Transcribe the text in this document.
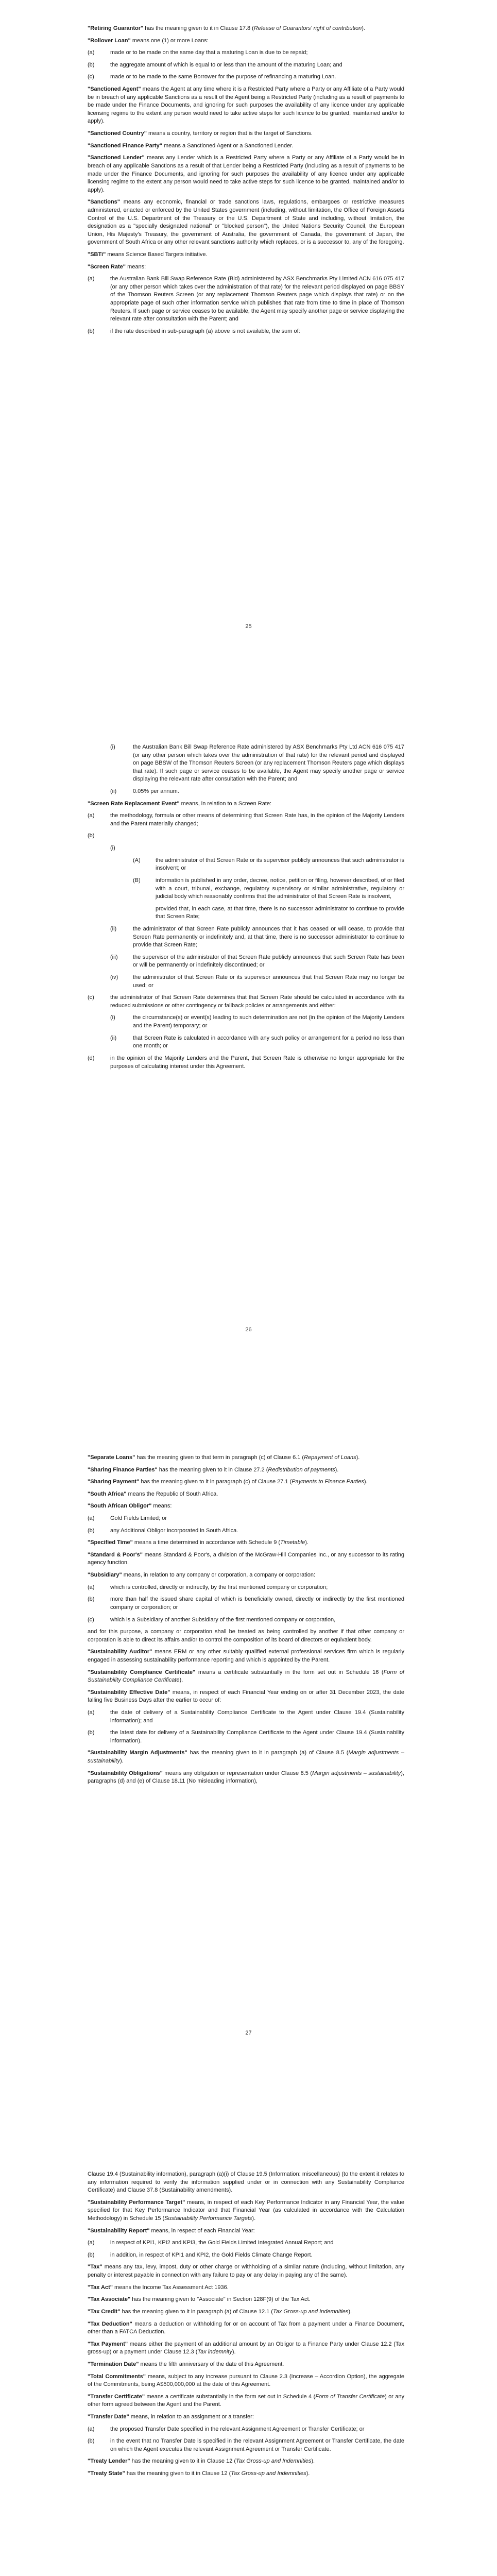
"Retiring Guarantor" has the meaning given to it in Clause 17.8 (Release of Guarantors' right of contribution).

"Rollover Loan" means one (1) or more Loans:

(a)	made or to be made on the same day that a maturing Loan is due to be repaid;
(b)	the aggregate amount of which is equal to or less than the amount of the maturing Loan; and
(c)	made or to be made to the same Borrower for the purpose of refinancing a maturing Loan.

"Sanctioned Agent" means the Agent at any time where it is a Restricted Party where a Party or any Affiliate of a Party would be in breach of any applicable Sanctions as a result of the Agent being a Restricted Party (including as a result of payments to be made under the Finance Documents, and ignoring for such purposes the availability of any licence under any applicable licensing regime to the extent any person would need to take active steps for such licence to be granted, maintained and/or to apply).

"Sanctioned Country" means a country, territory or region that is the target of Sanctions.

"Sanctioned Finance Party" means a Sanctioned Agent or a Sanctioned Lender.

"Sanctioned Lender" means any Lender which is a Restricted Party where a Party or any Affiliate of a Party would be in breach of any applicable Sanctions as a result of that Lender being a Restricted Party (including as a result of payments to be made under the Finance Documents, and ignoring for such purposes the availability of any licence under any applicable licensing regime to the extent any person would need to take active steps for such licence to be granted, maintained and/or to apply).

"Sanctions" means any economic, financial or trade sanctions laws, regulations, embargoes or restrictive measures administered, enacted or enforced by the United States government (including, without limitation, the Office of Foreign Assets Control of the U.S. Department of the Treasury or the U.S. Department of State and including, without limitation, the designation as a "specially designated national" or "blocked person"), the United Nations Security Council, the European Union, His Majesty's Treasury, the government of Australia, the government of Canada, the government of Japan, the government of South Africa or any other relevant sanctions authority which replaces, or is a successor to, any of the foregoing.

"SBTi" means Science Based Targets initiative.

"Screen Rate" means:

(a)	the Australian Bank Bill Swap Reference Rate (Bid) administered by ASX Benchmarks Pty Limited ACN 616 075 417 (or any other person which takes over the administration of that rate) for the relevant period displayed on page BBSY of the Thomson Reuters Screen (or any replacement Thomson Reuters page which displays that rate) or on the appropriate page of such other information service which publishes that rate from time to time in place of Thomson Reuters. If such page or service ceases to be available, the Agent may specify another page or service displaying the relevant rate after consultation with the Parent; and
(b)	if the rate described in sub-paragraph (a) above is not available, the sum of:
25
(i)	the Australian Bank Bill Swap Reference Rate administered by ASX Benchmarks Pty Ltd ACN 616 075 417 (or any other person which takes over the administration of that rate) for the relevant period and displayed on page BBSW of the Thomson Reuters Screen (or any replacement Thomson Reuters page which displays that rate). If such page or service ceases to be available, the Agent may specify another page or service displaying the relevant rate after consultation with the Parent; and
(ii)	0.05% per annum.

"Screen Rate Replacement Event" means, in relation to a Screen Rate:

(a)	the methodology, formula or other means of determining that Screen Rate has, in the opinion of the Majority Lenders and the Parent materially changed;
(b)
(i)
(A)	the administrator of that Screen Rate or its supervisor publicly announces that such administrator is insolvent; or
(B)	information is published in any order, decree, notice, petition or filing, however described, of or filed with a court, tribunal, exchange, regulatory supervisory or similar administrative, regulatory or judicial body which reasonably confirms that the administrator of that Screen Rate is insolvent,

provided that, in each case, at that time, there is no successor administrator to continue to provide that Screen Rate;

(ii)	the administrator of that Screen Rate publicly announces that it has ceased or will cease, to provide that Screen Rate permanently or indefinitely and, at that time, there is no successor administrator to continue to provide that Screen Rate;
(iii)	the supervisor of the administrator of that Screen Rate publicly announces that such Screen Rate has been or will be permanently or indefinitely discontinued; or
(iv)	the administrator of that Screen Rate or its supervisor announces that that Screen Rate may no longer be used; or
(c)	the administrator of that Screen Rate determines that that Screen Rate should be calculated in accordance with its reduced submissions or other contingency or fallback policies or arrangements and either:
(i)	the circumstance(s) or event(s) leading to such determination are not (in the opinion of the Majority Lenders and the Parent) temporary; or
(ii)	that Screen Rate is calculated in accordance with any such policy or arrangement for a period no less than one month; or
(d)	in the opinion of the Majority Lenders and the Parent, that Screen Rate is otherwise no longer appropriate for the purposes of calculating interest under this Agreement.
26

"Separate Loans" has the meaning given to that term in paragraph (c) of Clause 6.1 (Repayment of Loans).

"Sharing Finance Parties" has the meaning given to it in Clause 27.2 (Redistribution of payments).

"Sharing Payment" has the meaning given to it in paragraph (c) of Clause 27.1 (Payments to Finance Parties).

"South Africa" means the Republic of South Africa.

"South African Obligor" means:

(a)	Gold Fields Limited; or
(b)	any Additional Obligor incorporated in South Africa.

"Specified Time" means a time determined in accordance with Schedule 9 (Timetable).

"Standard & Poor's" means Standard & Poor's, a division of the McGraw-Hill Companies Inc., or any successor to its rating agency function.

"Subsidiary" means, in relation to any company or corporation, a company or corporation:

(a)	which is controlled, directly or indirectly, by the first mentioned company or corporation;
(b)	more than half the issued share capital of which is beneficially owned, directly or indirectly by the first mentioned company or corporation; or
(c)	which is a Subsidiary of another Subsidiary of the first mentioned company or corporation,

and for this purpose, a company or corporation shall be treated as being controlled by another if that other company or corporation is able to direct its affairs and/or to control the composition of its board of directors or equivalent body.

"Sustainability Auditor" means ERM or any other suitably qualified external professional services firm which is regularly engaged in assessing sustainability performance reporting and which is appointed by the Parent.

"Sustainability Compliance Certificate" means a certificate substantially in the form set out in Schedule 16 (Form of Sustainability Compliance Certificate).

"Sustainability Effective Date" means, in respect of each Financial Year ending on or after 31 December 2023, the date falling five Business Days after the earlier to occur of:

(a)	the date of delivery of a Sustainability Compliance Certificate to the Agent under Clause 19.4 (Sustainability information); and
(b)	the latest date for delivery of a Sustainability Compliance Certificate to the Agent under Clause 19.4 (Sustainability information).

"Sustainability Margin Adjustments" has the meaning given to it in paragraph (a) of Clause 8.5 (Margin adjustments – sustainability).

"Sustainability Obligations" means any obligation or representation under Clause 8.5 (Margin adjustments – sustainability), paragraphs (d) and (e) of Clause 18.11 (No misleading information),

27

Clause 19.4 (Sustainability information), paragraph (a)(i) of Clause 19.5 (Information: miscellaneous) (to the extent it relates to any information required to verify the information supplied under or in connection with any Sustainability Compliance Certificate) and Clause 37.8 (Sustainability amendments).

"Sustainability Performance Target" means, in respect of each Key Performance Indicator in any Financial Year, the value specified for that Key Performance Indicator and that Financial Year (as calculated in accordance with the Calculation Methodology) in Schedule 15 (Sustainability Performance Targets).

"Sustainability Report" means, in respect of each Financial Year:

(a)	in respect of KPI1, KPI2 and KPI3, the Gold Fields Limited Integrated Annual Report; and
(b)	in addition, in respect of KPI1 and KPI2, the Gold Fields Climate Change Report.

"Tax" means any tax, levy, impost, duty or other charge or withholding of a similar nature (including, without limitation, any penalty or interest payable in connection with any failure to pay or any delay in paying any of the same).

"Tax Act" means the Income Tax Assessment Act 1936.

"Tax Associate" has the meaning given to "Associate" in Section 128F(9) of the Tax Act.

"Tax Credit" has the meaning given to it in paragraph (a) of Clause 12.1 (Tax Gross-up and Indemnities).

"Tax Deduction" means a deduction or withholding for or on account of Tax from a payment under a Finance Document, other than a FATCA Deduction.

"Tax Payment" means either the payment of an additional amount by an Obligor to a Finance Party under Clause 12.2 (Tax gross-up) or a payment under Clause 12.3 (Tax indemnity).

"Termination Date" means the fifth anniversary of the date of this Agreement.

"Total Commitments" means, subject to any increase pursuant to Clause 2.3 (Increase – Accordion Option), the aggregate of the Commitments, being A$500,000,000 at the date of this Agreement.

"Transfer Certificate" means a certificate substantially in the form set out in Schedule 4 (Form of Transfer Certificate) or any other form agreed between the Agent and the Parent.

"Transfer Date" means, in relation to an assignment or a transfer:

(a)	the proposed Transfer Date specified in the relevant Assignment Agreement or Transfer Certificate; or
(b)	in the event that no Transfer Date is specified in the relevant Assignment Agreement or Transfer Certificate, the date on which the Agent executes the relevant Assignment Agreement or Transfer Certificate.

"Treaty Lender" has the meaning given to it in Clause 12 (Tax Gross-up and Indemnities).

"Treaty State" has the meaning given to it in Clause 12 (Tax Gross-up and Indemnities).
